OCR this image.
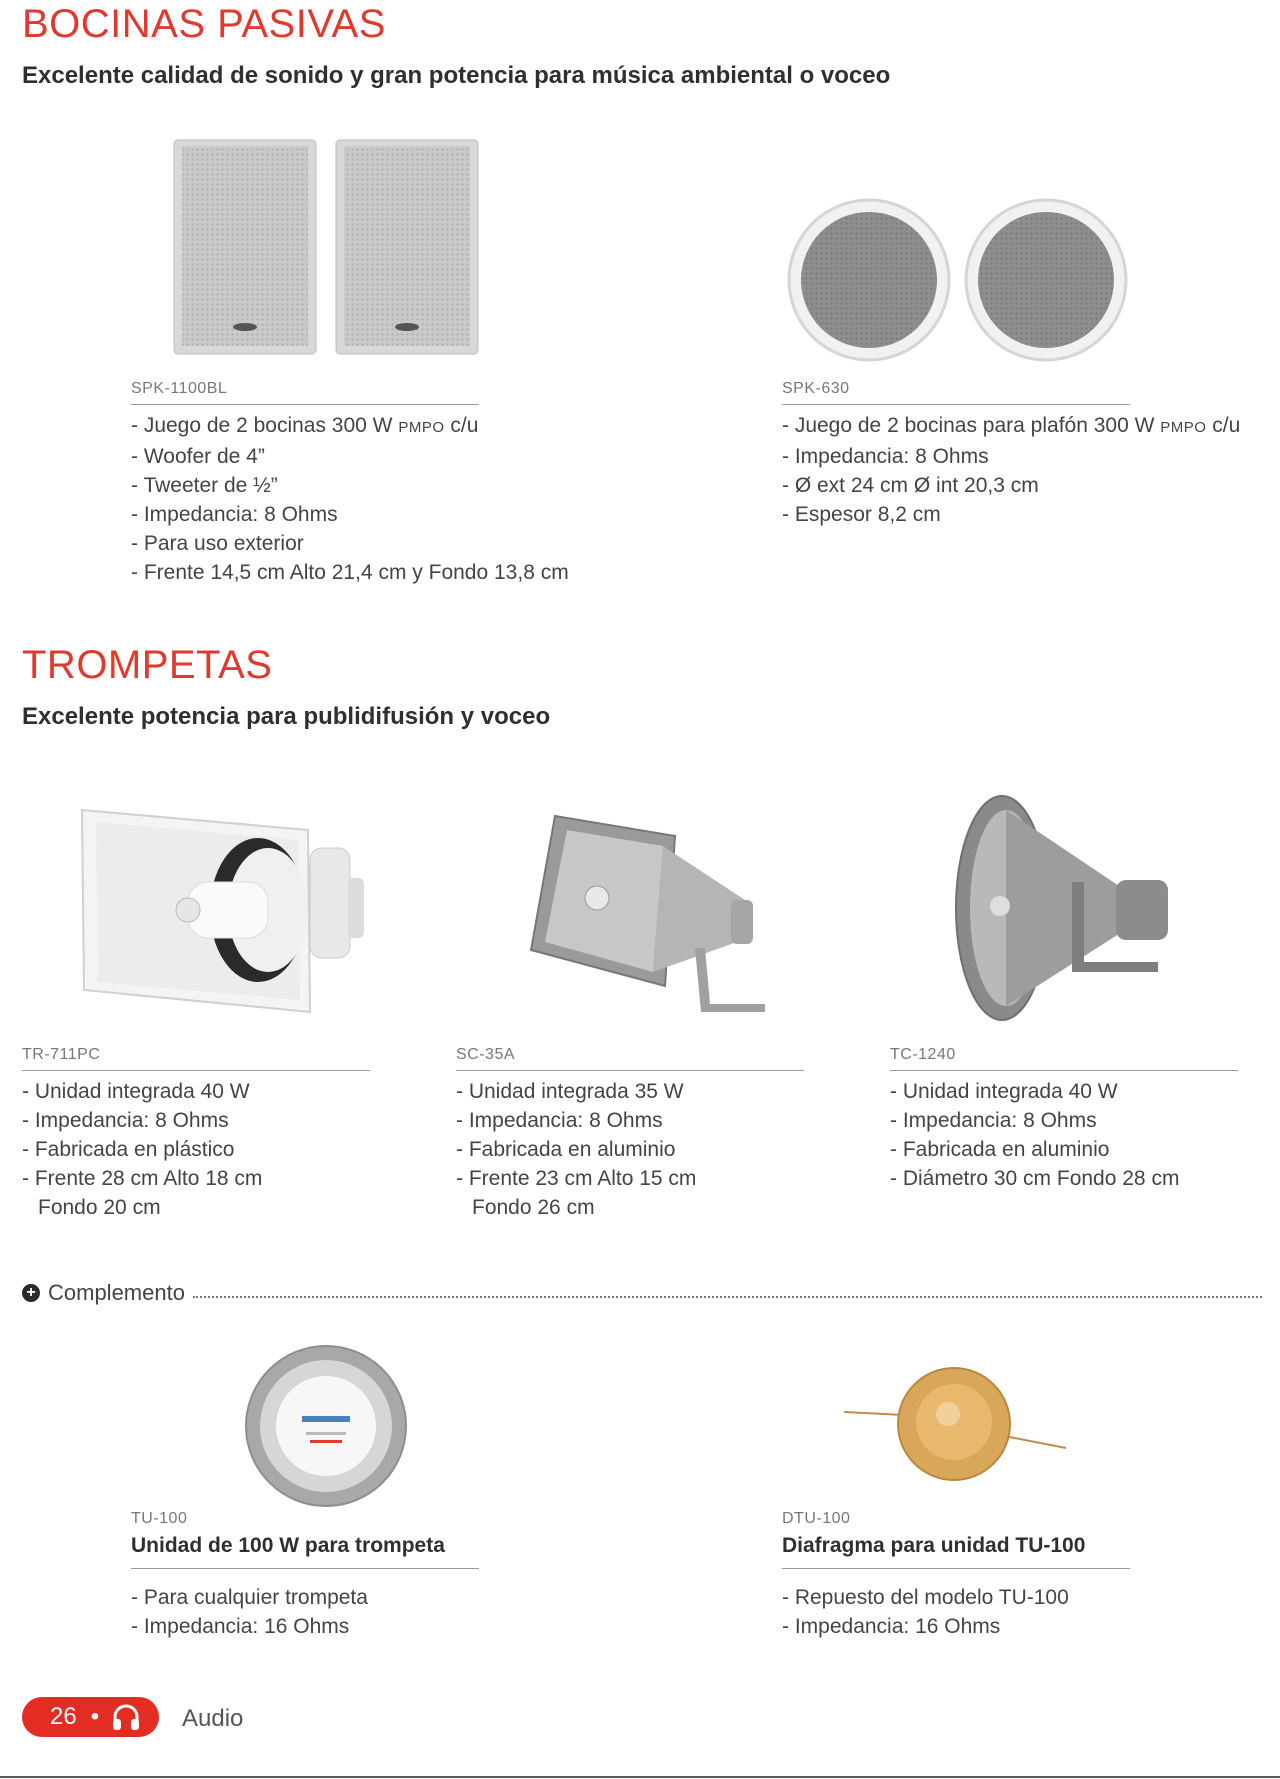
BOCINAS PASIVAS
Excelente calidad de sonido y gran potencia para música ambiental o voceo
SPK-1100BL
- Juego de 2 bocinas 300 W PMPO c/u
- Woofer de 4”
- Tweeter de ½”
- Impedancia: 8 Ohms
- Para uso exterior
- Frente 14,5 cm Alto 21,4 cm y Fondo 13,8 cm
SPK-630
- Juego de 2 bocinas para plafón 300 W PMPO c/u
- Impedancia: 8 Ohms
- Ø ext 24 cm Ø int 20,3 cm
- Espesor 8,2 cm
TROMPETAS
Excelente potencia para publidifusión y voceo
TR-711PC
- Unidad integrada 40 W
- Impedancia: 8 Ohms
- Fabricada en plástico
- Frente 28 cm Alto 18 cm
Fondo 20 cm
SC-35A
- Unidad integrada 35 W
- Impedancia: 8 Ohms
- Fabricada en aluminio
- Frente 23 cm Alto 15 cm
Fondo 26 cm
TC-1240
- Unidad integrada 40 W
- Impedancia: 8 Ohms
- Fabricada en aluminio
- Diámetro 30 cm Fondo 28 cm
+ Complemento
TU-100
Unidad de 100 W para trompeta
- Para cualquier trompeta
- Impedancia: 16 Ohms
DTU-100
Diafragma para unidad TU-100
- Repuesto del modelo TU-100
- Impedancia: 16 Ohms
26 •	Audio
